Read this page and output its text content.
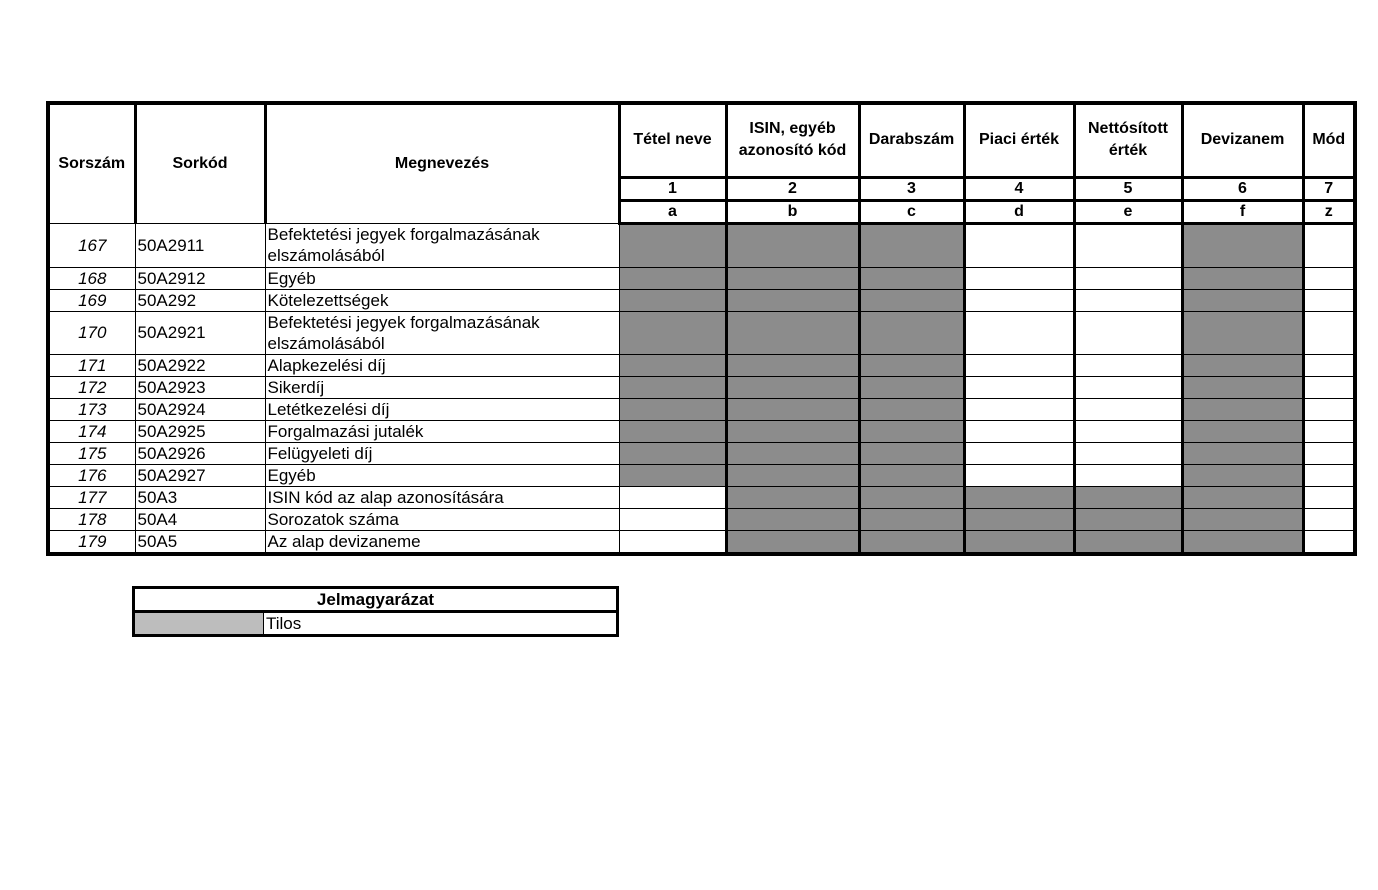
Sorszám	Sorkód	Megnevezés	Tétel neve	ISIN, egyéb azonosító kód	Darabszám	Piaci érték	Nettósított érték	Devizanem	Mód
			1	2	3	4	5	6	7
			a	b	c	d	e	f	z
167	50A2911	Befektetési jegyek forgalmazásának elszámolásából							
168	50A2912	Egyéb							
169	50A292	Kötelezettségek							
170	50A2921	Befektetési jegyek forgalmazásának elszámolásából							
171	50A2922	Alapkezelési díj							
172	50A2923	Sikerdíj							
173	50A2924	Letétkezelési díj							
174	50A2925	Forgalmazási jutalék							
175	50A2926	Felügyeleti díj							
176	50A2927	Egyéb							
177	50A3	ISIN kód az alap azonosítására							
178	50A4	Sorozatok száma							
179	50A5	Az alap devizaneme							
Jelmagyarázat
	Tilos
